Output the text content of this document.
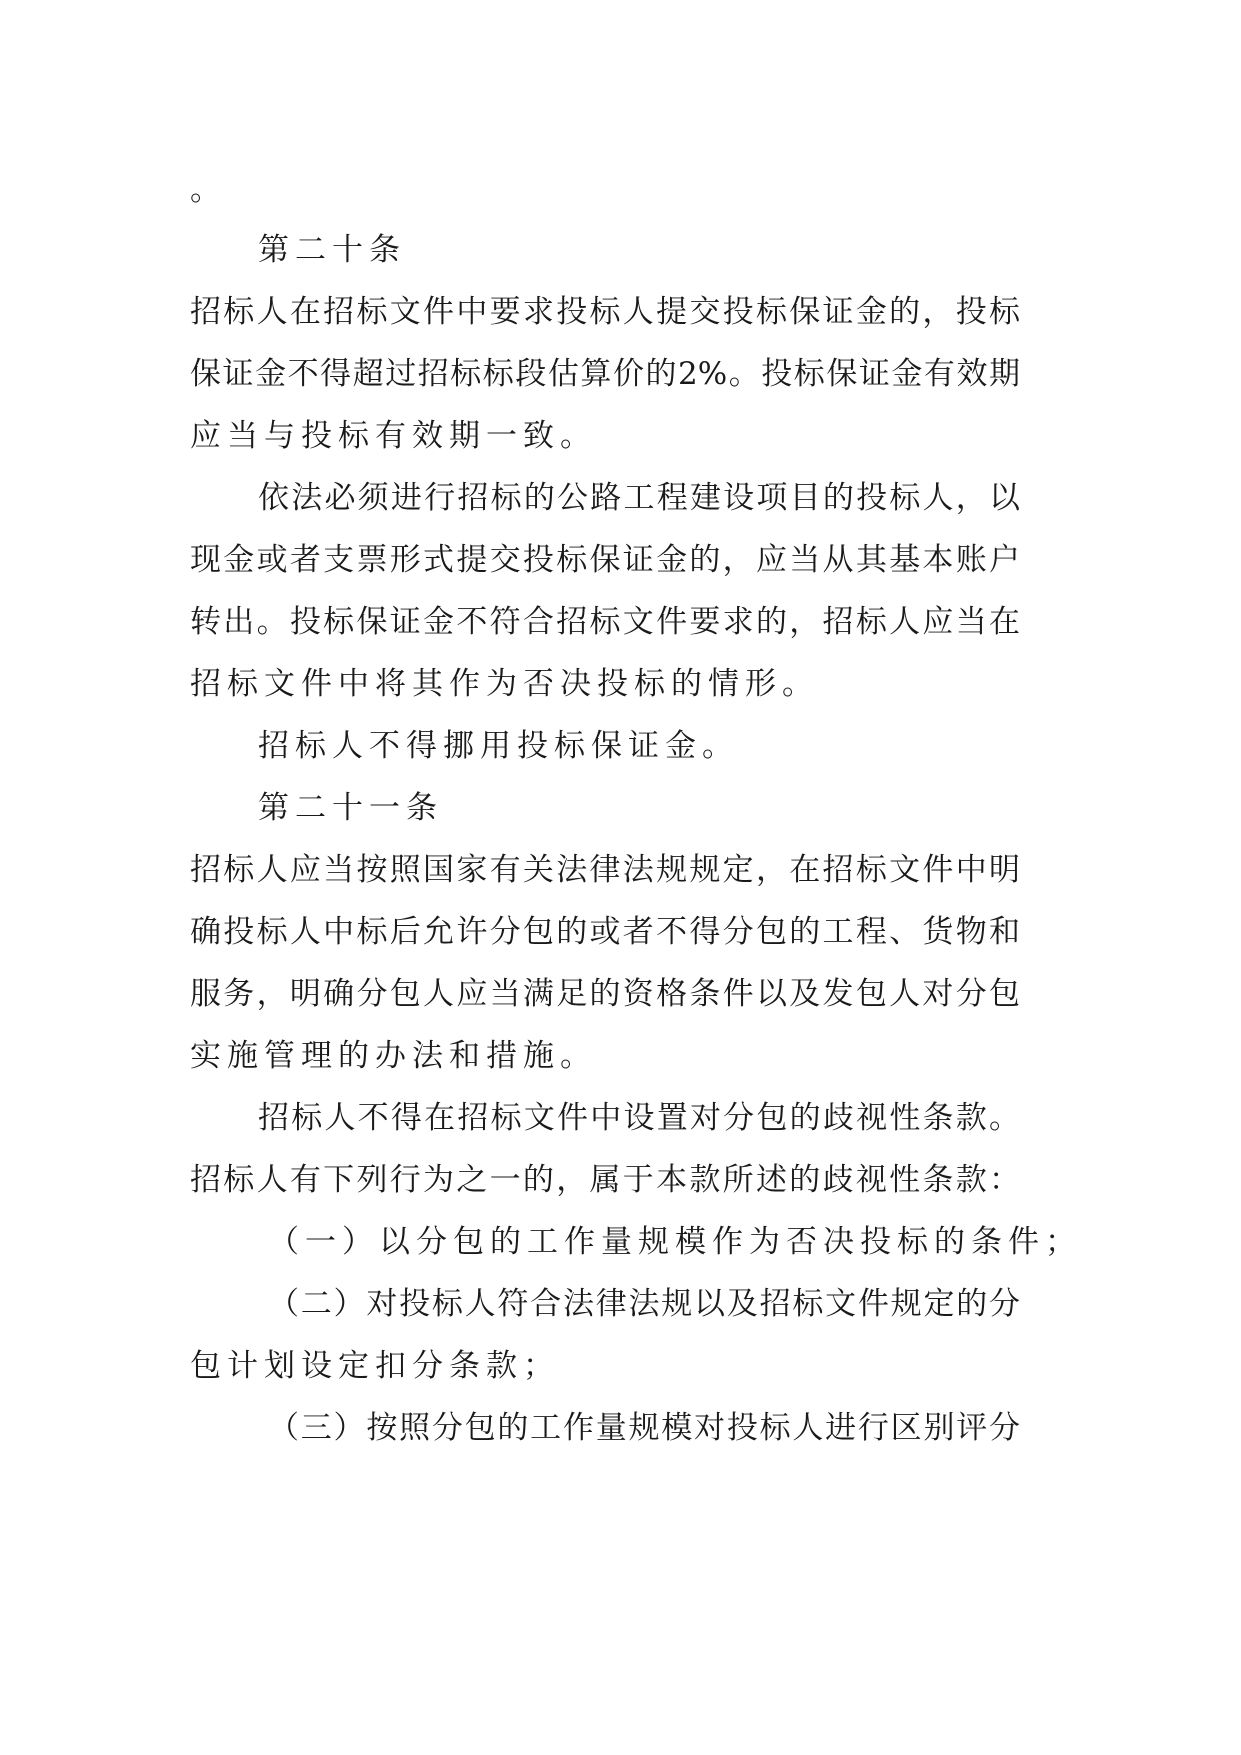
。
第二十条
招标人在招标文件中要求投标人提交投标保证金的，投标
保证金不得超过招标标段估算价的2%。投标保证金有效期
应当与投标有效期一致。
依法必须进行招标的公路工程建设项目的投标人，以
现金或者支票形式提交投标保证金的，应当从其基本账户
转出。投标保证金不符合招标文件要求的，招标人应当在
招标文件中将其作为否决投标的情形。
招标人不得挪用投标保证金。
第二十一条
招标人应当按照国家有关法律法规规定，在招标文件中明
确投标人中标后允许分包的或者不得分包的工程、货物和
服务，明确分包人应当满足的资格条件以及发包人对分包
实施管理的办法和措施。
招标人不得在招标文件中设置对分包的歧视性条款。
招标人有下列行为之一的，属于本款所述的歧视性条款：
（一）以分包的工作量规模作为否决投标的条件；
（二）对投标人符合法律法规以及招标文件规定的分
包计划设定扣分条款；
（三）按照分包的工作量规模对投标人进行区别评分
